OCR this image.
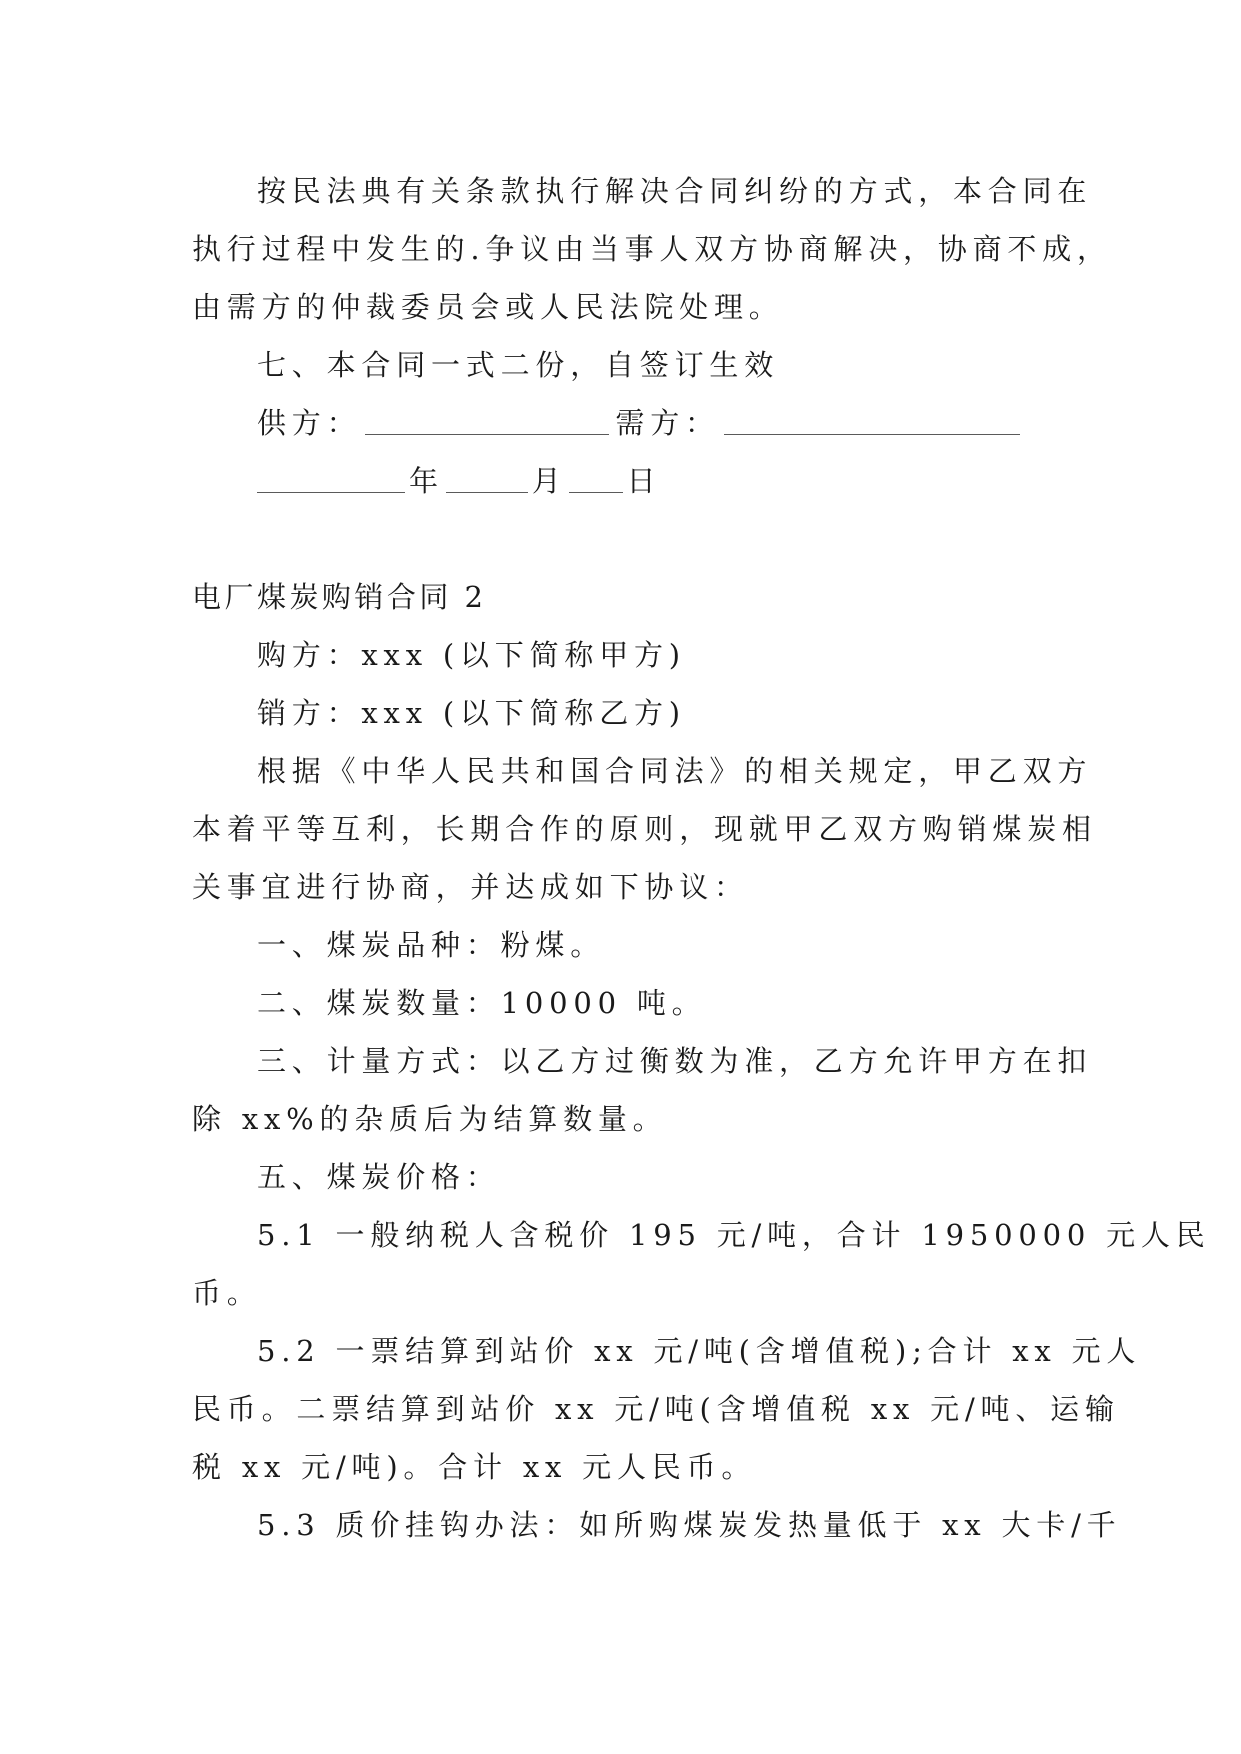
按民法典有关条款执行解决合同纠纷的方式，本合同在
执行过程中发生的.争议由当事人双方协商解决，协商不成，
由需方的仲裁委员会或人民法院处理。
七、本合同一式二份，自签订生效
供方：	需方：
年	月 日
电厂煤炭购销合同 2
购方：xxx (以下简称甲方)
销方：xxx (以下简称乙方)
根据《中华人民共和国合同法》的相关规定，甲乙双方
本着平等互利，长期合作的原则，现就甲乙双方购销煤炭相
关事宜进行协商，并达成如下协议：
一、煤炭品种：粉煤。
二、煤炭数量：10000 吨。
三、计量方式：以乙方过衡数为准，乙方允许甲方在扣
除 xx%的杂质后为结算数量。
五、煤炭价格：
5.1 一般纳税人含税价 195 元/吨，合计 1950000 元人民
币。
5.2 一票结算到站价 xx 元/吨(含增值税);合计 xx 元人
民币。二票结算到站价 xx 元/吨(含增值税 xx 元/吨、运输
税 xx 元/吨)。合计 xx 元人民币。
5.3 质价挂钩办法：如所购煤炭发热量低于 xx 大卡/千
